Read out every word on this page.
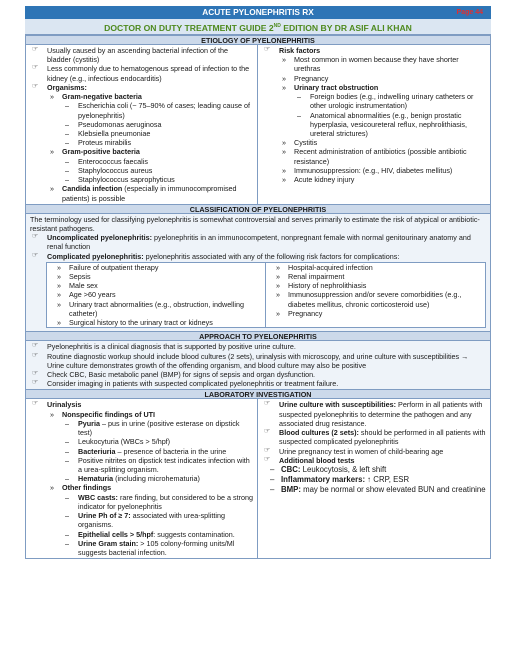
ACUTE PYLONEPHRITIS RX	Page 44
DOCTOR ON DUTY TREATMENT GUIDE 2ND EDITION BY DR ASIF ALI KHAN
ETIOLOGY OF PYELONEPHRITIS
☞ Usually caused by an ascending bacterial infection of the bladder (cystitis)
☞ Less commonly due to hematogenous spread of infection to the kidney (e.g., infectious endocarditis)
☞ Organisms:
» Gram-negative bacteria
– Escherichia coli (~ 75–90% of cases; leading cause of pyelonephritis)
– Pseudomonas aeruginosa
– Klebsiella pneumoniae
– Proteus mirabilis
» Gram-positive bacteria
– Enterococcus faecalis
– Staphylococcus aureus
– Staphylococcus saprophyticus
» Candida infection (especially in immunocompromised patients) is possible
☞ Risk factors
» Most common in women because they have shorter urethras
» Pregnancy
» Urinary tract obstruction
– Foreign bodies (e.g., indwelling urinary catheters or other urologic instrumentation)
– Anatomical abnormalities (e.g., benign prostatic hyperplasia, vesicoureteral reflux, nephrolithiasis, ureteral strictures)
» Cystitis
» Recent administration of antibiotics (possible antibiotic resistance)
» Immunosuppression: (e.g., HIV, diabetes mellitus)
» Acute kidney injury
CLASSIFICATION OF PYELONEPHRITIS
The terminology used for classifying pyelonephritis is somewhat controversial and serves primarily to estimate the risk of atypical or antibiotic-resistant pathogens.
☞ Uncomplicated pyelonephritis: pyelonephritis in an immunocompetent, nonpregnant female with normal genitourinary anatomy and renal function
☞ Complicated pyelonephritis: pyelonephritis associated with any of the following risk factors for complications:
» Failure of outpatient therapy
» Sepsis
» Male sex
» Age >60 years
» Urinary tract abnormalities (e.g., obstruction, indwelling catheter)
» Surgical history to the urinary tract or kidneys
» Hospital-acquired infection
» Renal impairment
» History of nephrolithiasis
» Immunosuppression and/or severe comorbidities (e.g., diabetes mellitus, chronic corticosteroid use)
» Pregnancy
APPROACH TO PYELONEPHRITIS
☞ Pyelonephritis is a clinical diagnosis that is supported by positive urine culture.
☞ Routine diagnostic workup should include blood cultures (2 sets), urinalysis with microscopy, and urine culture with susceptibilities → Urine culture demonstrates growth of the offending organism, and blood culture may also be positive
☞ Check CBC, Basic metabolic panel (BMP) for signs of sepsis and organ dysfunction.
☞ Consider imaging in patients with suspected complicated pyelonephritis or treatment failure.
LABORATORY INVESTIGATION
☞ Urinalysis
» Nonspecific findings of UTI
– Pyuria – pus in urine (positive esterase on dipstick test)
– Leukocyturia (WBCs > 5/hpf)
– Bacteriuria – presence of bacteria in the urine
– Positive nitrites on dipstick test indicates infection with a urea-splitting organism.
– Hematuria (including microhematuria)
» Other findings
– WBC casts: rare finding, but considered to be a strong indicator for pyelonephritis
– Urine Ph of ≥ 7: associated with urea-splitting organisms.
– Epithelial cells > 5/hpf: suggests contamination.
– Urine Gram stain: > 105 colony-forming units/Ml suggests bacterial infection.
☞ Urine culture with susceptibilities: Perform in all patients with suspected pyelonephritis to determine the pathogen and any associated drug resistance.
☞ Blood cultures (2 sets): should be performed in all patients with suspected complicated pyelonephritis
☞ Urine pregnancy test in women of child-bearing age
☞ Additional blood tests
– CBC: Leukocytosis, & left shift
– Inflammatory markers: ↑ CRP, ESR
– BMP: may be normal or show elevated BUN and creatinine
